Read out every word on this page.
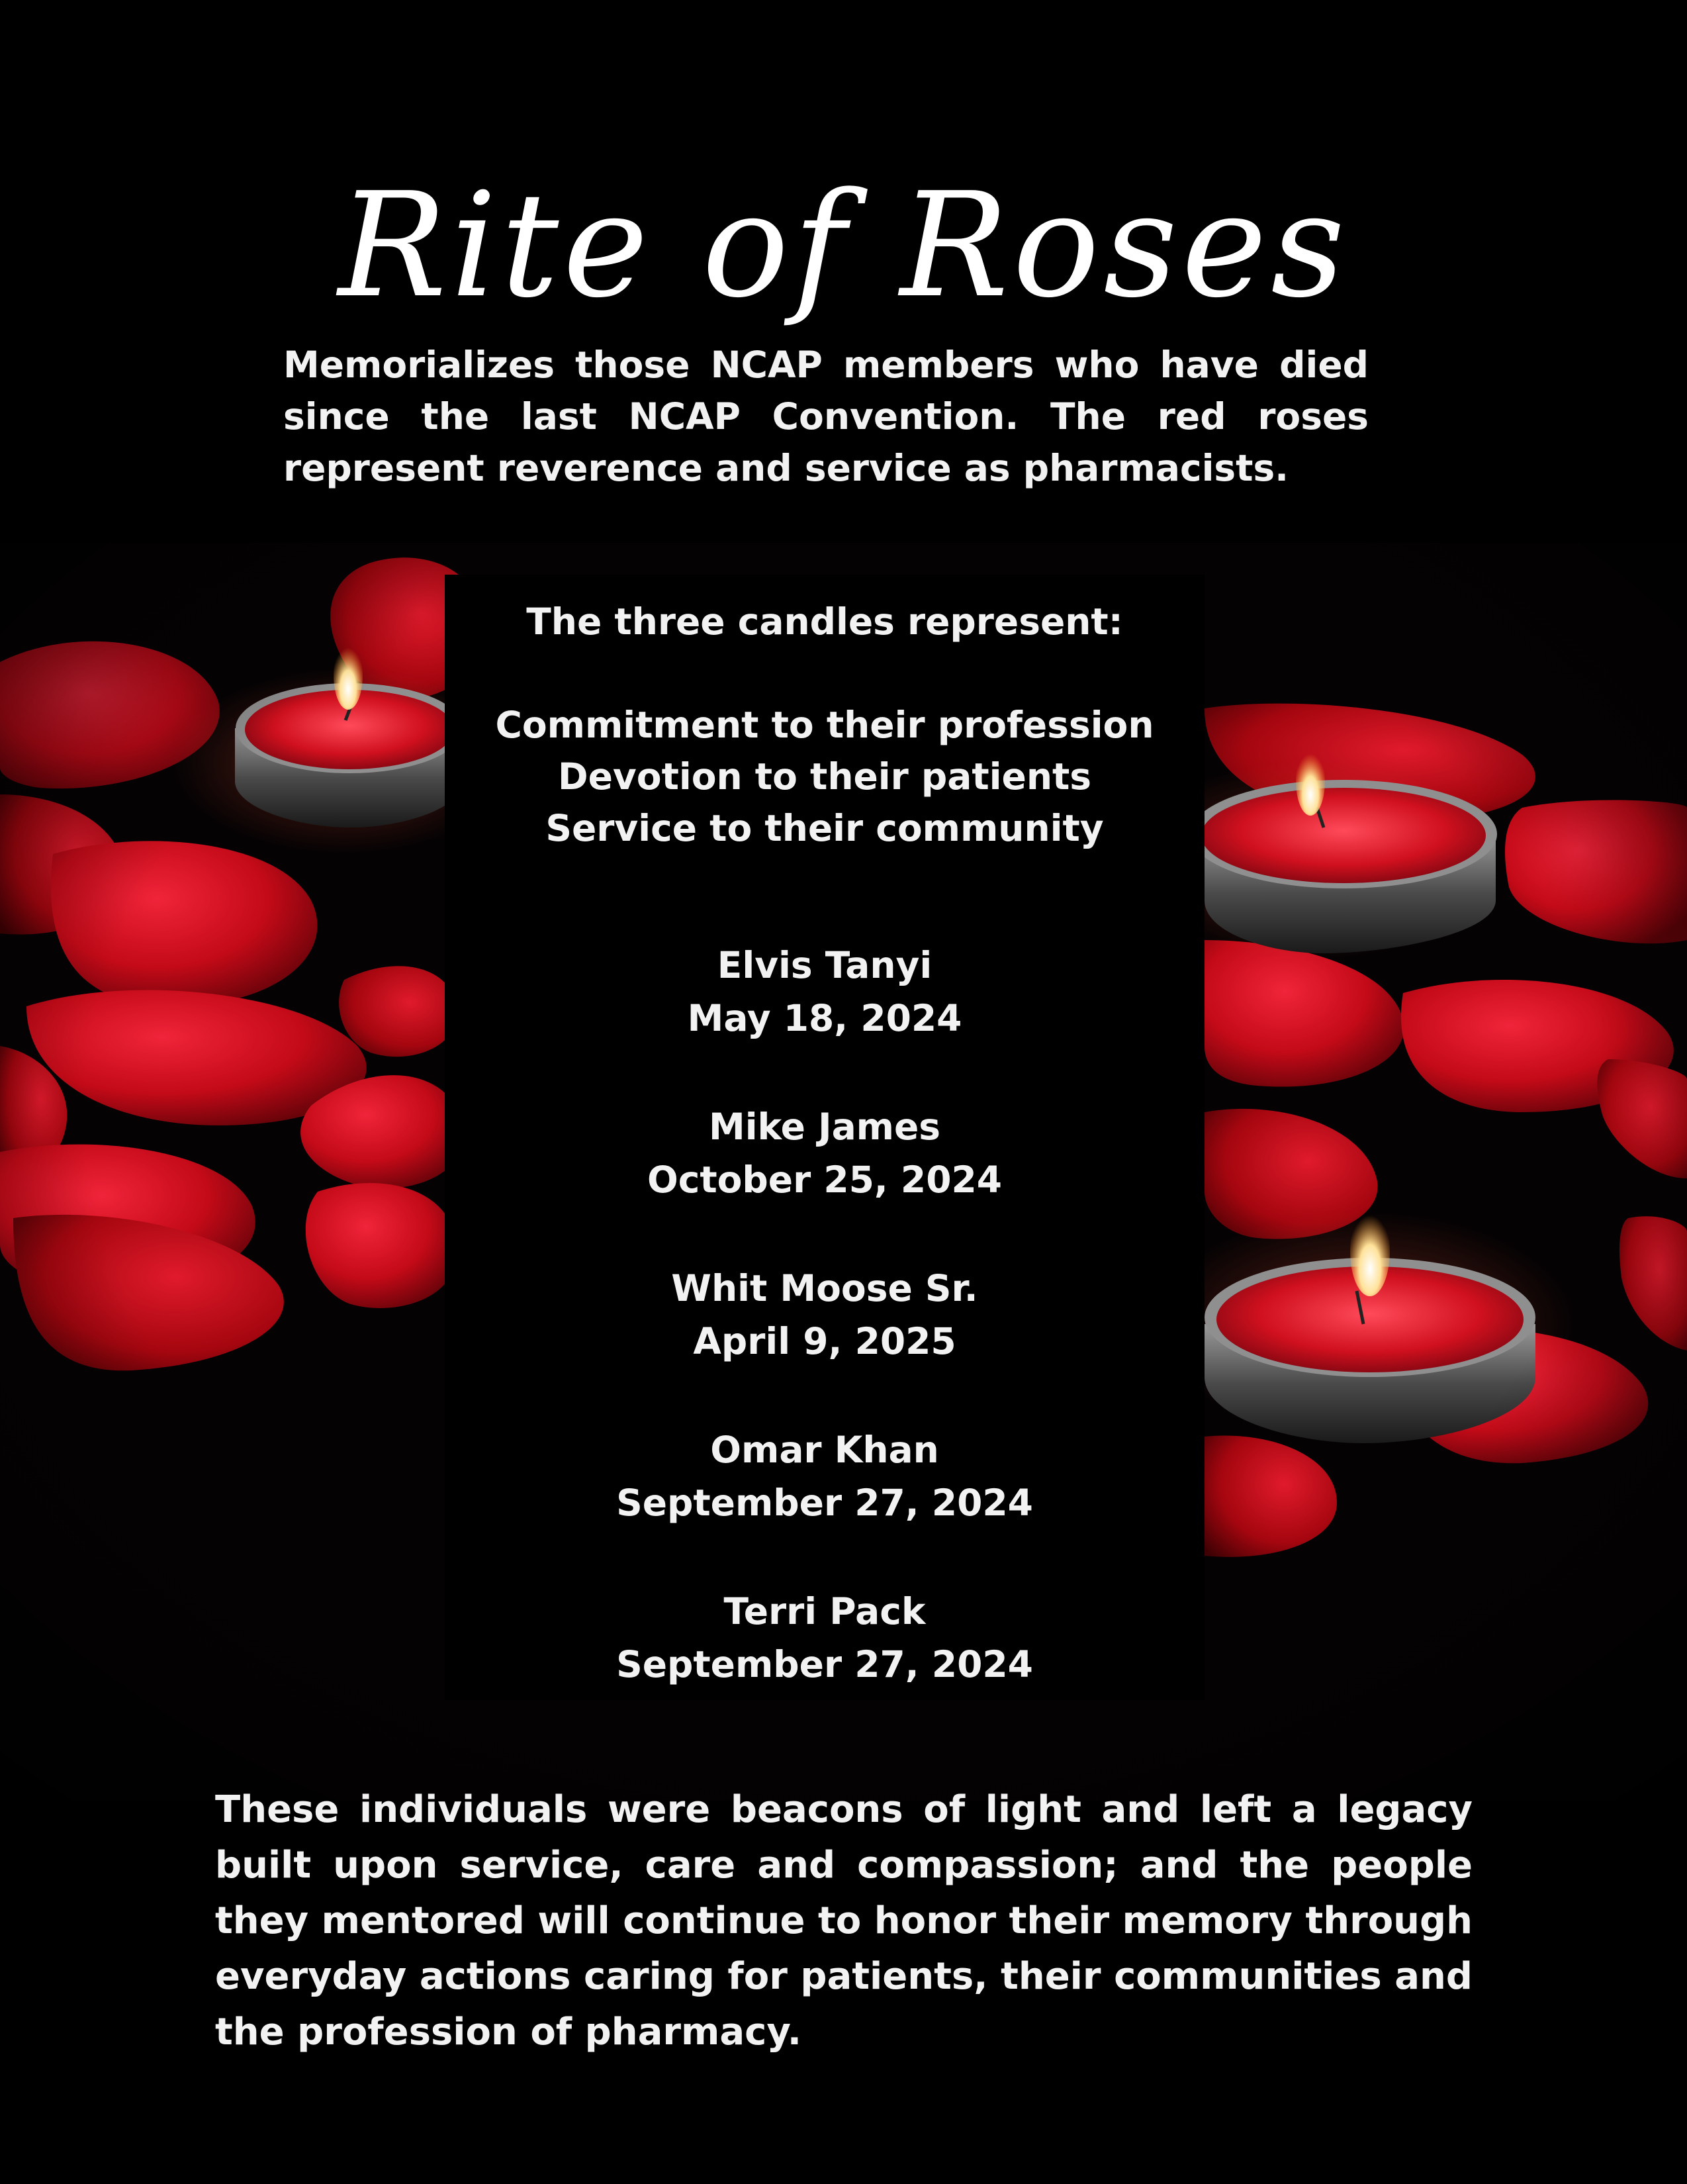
Rite of Roses

Memorializes those NCAP members who have died since the last NCAP Convention. The red roses represent reverence and service as pharmacists.

The three candles represent:
Commitment to their profession
Devotion to their patients
Service to their community
Elvis Tanyi
May 18, 2024
Mike James
October 25, 2024
Whit Moose Sr.
April 9, 2025
Omar Khan
September 27, 2024
Terri Pack
September 27, 2024

These individuals were beacons of light and left a legacy built upon service, care and compassion; and the people they mentored will continue to honor their memory through everyday actions caring for patients, their communities and the profession of pharmacy.
